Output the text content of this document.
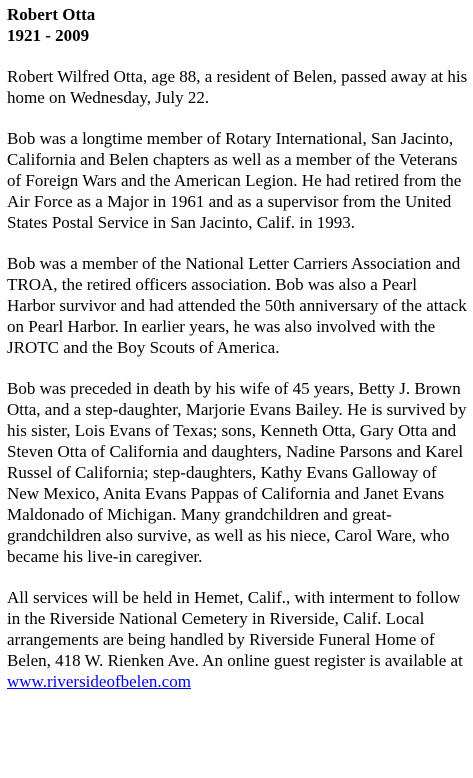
Robert Otta
1921 - 2009

Robert Wilfred Otta, age 88, a resident of Belen, passed away at his home on Wednesday, July 22.

Bob was a longtime member of Rotary International, San Jacinto, California and Belen chapters as well as a member of the Veterans of Foreign Wars and the American Legion. He had retired from the Air Force as a Major in 1961 and as a supervisor from the United States Postal Service in San Jacinto, Calif. in 1993.

Bob was a member of the National Letter Carriers Association and TROA, the retired officers association. Bob was also a Pearl Harbor survivor and had attended the 50th anniversary of the attack on Pearl Harbor. In earlier years, he was also involved with the JROTC and the Boy Scouts of America.

Bob was preceded in death by his wife of 45 years, Betty J. Brown Otta, and a step-daughter, Marjorie Evans Bailey. He is survived by his sister, Lois Evans of Texas; sons, Kenneth Otta, Gary Otta and Steven Otta of California and daughters, Nadine Parsons and Karel Russel of California; step-daughters, Kathy Evans Galloway of New Mexico, Anita Evans Pappas of California and Janet Evans Maldonado of Michigan. Many grandchildren and great-grandchildren also survive, as well as his niece, Carol Ware, who became his live-in caregiver.

All services will be held in Hemet, Calif., with interment to follow in the Riverside National Cemetery in Riverside, Calif. Local arrangements are being handled by Riverside Funeral Home of Belen, 418 W. Rienken Ave. An online guest register is available at www.riversideofbelen.com
